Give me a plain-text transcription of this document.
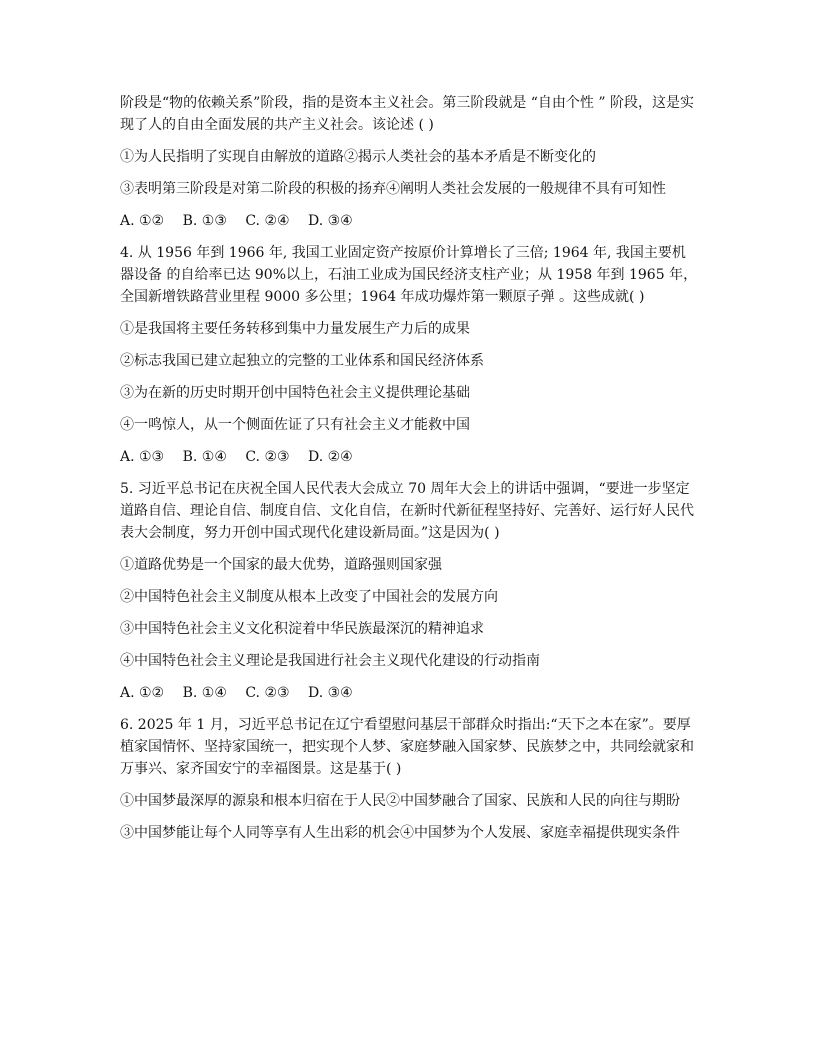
阶段是“物的依赖关系”阶段，指的是资本主义社会。第三阶段就是 “自由个性 ” 阶段，这是实现了人的自由全面发展的共产主义社会。该论述 ( )

①为人民指明了实现自由解放的道路②揭示人类社会的基本矛盾是不断变化的

③表明第三阶段是对第二阶段的积极的扬弃④阐明人类社会发展的一般规律不具有可知性

A. ①② B. ①③ C. ②④ D. ③④

4. 从 1956 年到 1966 年, 我国工业固定资产按原价计算增长了三倍; 1964 年, 我国主要机器设备 的自给率已达 90%以上，石油工业成为国民经济支柱产业；从 1958 年到 1965 年，全国新增铁路营业里程 9000 多公里；1964 年成功爆炸第一颗原子弹 。这些成就( )

①是我国将主要任务转移到集中力量发展生产力后的成果

②标志我国已建立起独立的完整的工业体系和国民经济体系

③为在新的历史时期开创中国特色社会主义提供理论基础

④一鸣惊人，从一个侧面佐证了只有社会主义才能救中国

A. ①③ B. ①④ C. ②③ D. ②④

5. 习近平总书记在庆祝全国人民代表大会成立 70 周年大会上的讲话中强调，“要进一步坚定道路自信、理论自信、制度自信、文化自信，在新时代新征程坚持好、完善好、运行好人民代表大会制度，努力开创中国式现代化建设新局面。”这是因为( )

①道路优势是一个国家的最大优势，道路强则国家强

②中国特色社会主义制度从根本上改变了中国社会的发展方向

③中国特色社会主义文化积淀着中华民族最深沉的精神追求

④中国特色社会主义理论是我国进行社会主义现代化建设的行动指南

A. ①② B. ①④ C. ②③ D. ③④

6. 2025 年 1 月，习近平总书记在辽宁看望慰问基层干部群众时指出:“天下之本在家”。要厚植家国情怀、坚持家国统一，把实现个人梦、家庭梦融入国家梦、民族梦之中，共同绘就家和万事兴、家齐国安宁的幸福图景。这是基于( )

①中国梦最深厚的源泉和根本归宿在于人民②中国梦融合了国家、民族和人民的向往与期盼

③中国梦能让每个人同等享有人生出彩的机会④中国梦为个人发展、家庭幸福提供现实条件
